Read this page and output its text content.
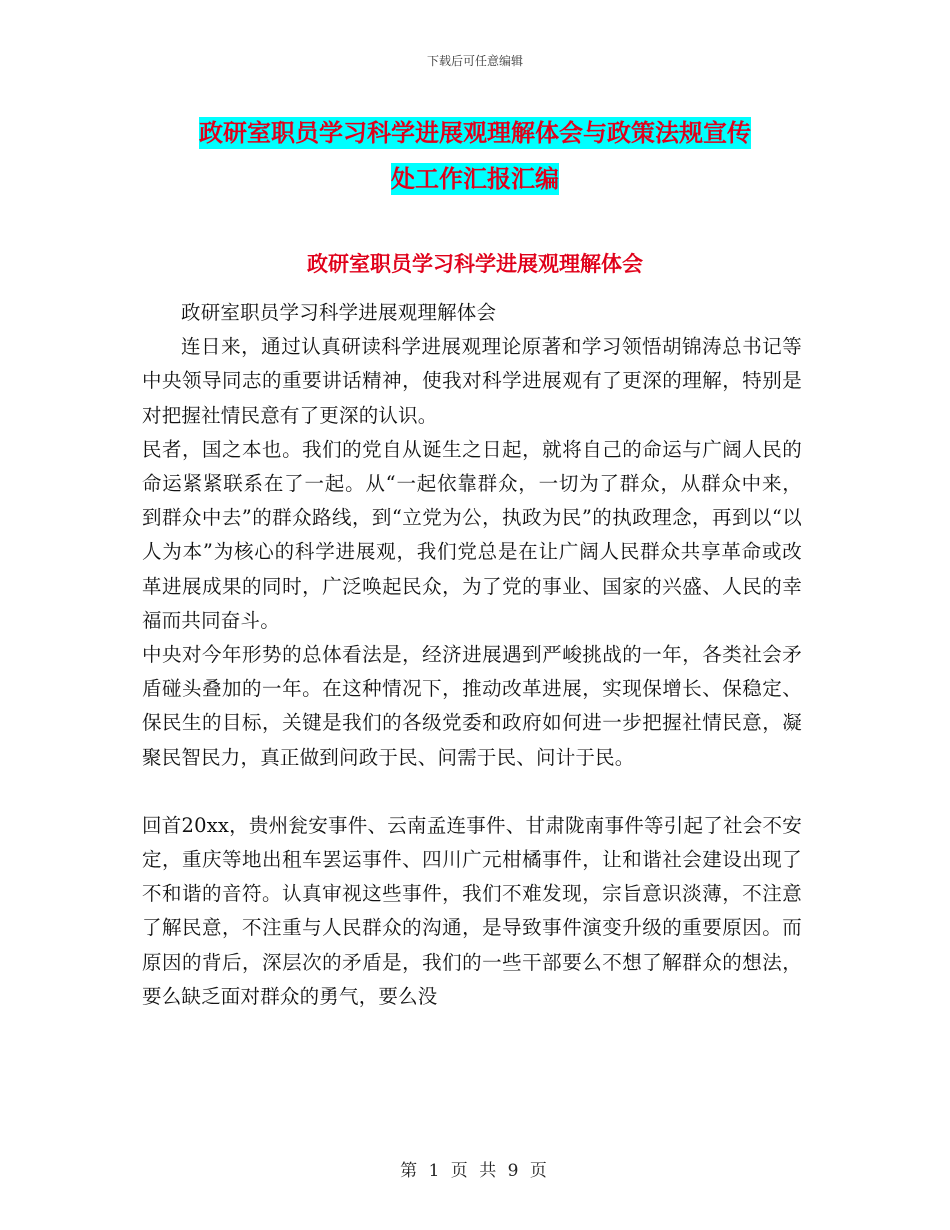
下载后可任意编辑
政研室职员学习科学进展观理解体会与政策法规宣传
处工作汇报汇编
政研室职员学习科学进展观理解体会

政研室职员学习科学进展观理解体会

连日来，通过认真研读科学进展观理论原著和学习领悟胡锦涛总书记等中央领导同志的重要讲话精神，使我对科学进展观有了更深的理解，特别是对把握社情民意有了更深的认识。

民者，国之本也。我们的党自从诞生之日起，就将自己的命运与广阔人民的命运紧紧联系在了一起。从“一起依靠群众，一切为了群众，从群众中来，到群众中去”的群众路线，到“立党为公，执政为民”的执政理念，再到以“以人为本”为核心的科学进展观，我们党总是在让广阔人民群众共享革命或改革进展成果的同时，广泛唤起民众，为了党的事业、国家的兴盛、人民的幸福而共同奋斗。

中央对今年形势的总体看法是，经济进展遇到严峻挑战的一年，各类社会矛盾碰头叠加的一年。在这种情况下，推动改革进展，实现保增长、保稳定、保民生的目标，关键是我们的各级党委和政府如何进一步把握社情民意，凝聚民智民力，真正做到问政于民、问需于民、问计于民。

回首20xx，贵州瓮安事件、云南孟连事件、甘肃陇南事件等引起了社会不安定，重庆等地出租车罢运事件、四川广元柑橘事件，让和谐社会建设出现了不和谐的音符。认真审视这些事件，我们不难发现，宗旨意识淡薄，不注意了解民意，不注重与人民群众的沟通，是导致事件演变升级的重要原因。而原因的背后，深层次的矛盾是，我们的一些干部要么不想了解群众的想法，要么缺乏面对群众的勇气，要么没

第 1 页 共 9 页
